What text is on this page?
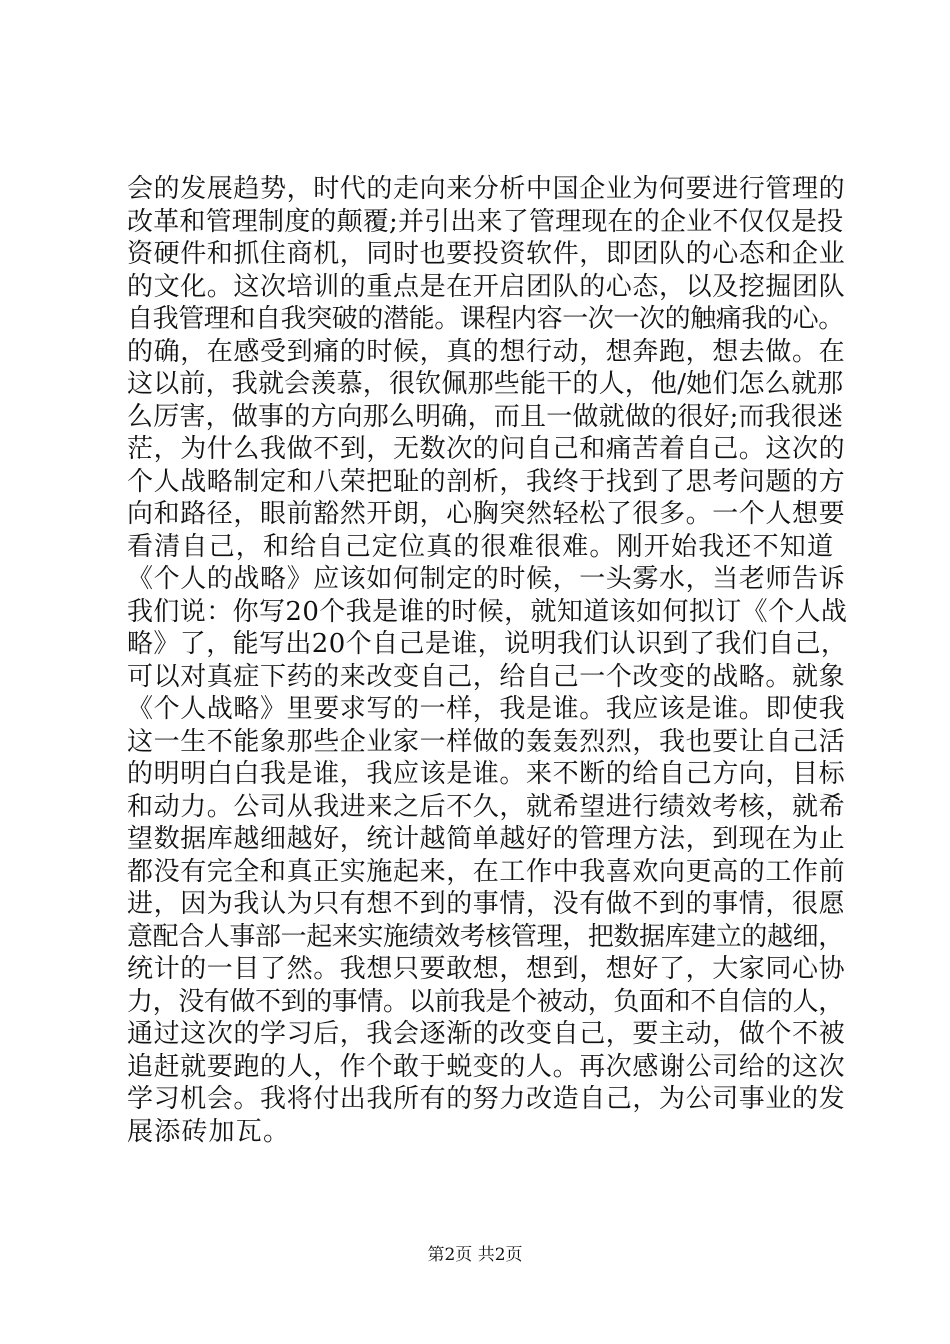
会的发展趋势，时代的走向来分析中国企业为何要进行管理的
改革和管理制度的颠覆;并引出来了管理现在的企业不仅仅是投
资硬件和抓住商机，同时也要投资软件，即团队的心态和企业
的文化。这次培训的重点是在开启团队的心态，以及挖掘团队
自我管理和自我突破的潜能。课程内容一次一次的触痛我的心。
的确，在感受到痛的时候，真的想行动，想奔跑，想去做。在
这以前，我就会羡慕，很钦佩那些能干的人，他/她们怎么就那
么厉害，做事的方向那么明确，而且一做就做的很好;而我很迷
茫，为什么我做不到，无数次的问自己和痛苦着自己。这次的
个人战略制定和八荣把耻的剖析，我终于找到了思考问题的方
向和路径，眼前豁然开朗，心胸突然轻松了很多。一个人想要
看清自己，和给自己定位真的很难很难。刚开始我还不知道
《个人的战略》应该如何制定的时候，一头雾水，当老师告诉
我们说：你写20个我是谁的时候，就知道该如何拟订《个人战
略》了，能写出20个自己是谁，说明我们认识到了我们自己，
可以对真症下药的来改变自己，给自己一个改变的战略。就象
《个人战略》里要求写的一样，我是谁。我应该是谁。即使我
这一生不能象那些企业家一样做的轰轰烈烈，我也要让自己活
的明明白白我是谁，我应该是谁。来不断的给自己方向，目标
和动力。公司从我进来之后不久，就希望进行绩效考核，就希
望数据库越细越好，统计越简单越好的管理方法，到现在为止
都没有完全和真正实施起来，在工作中我喜欢向更高的工作前
进，因为我认为只有想不到的事情，没有做不到的事情，很愿
意配合人事部一起来实施绩效考核管理，把数据库建立的越细，
统计的一目了然。我想只要敢想，想到，想好了，大家同心协
力，没有做不到的事情。以前我是个被动，负面和不自信的人，
通过这次的学习后，我会逐渐的改变自己，要主动，做个不被
追赶就要跑的人，作个敢于蜕变的人。再次感谢公司给的这次
学习机会。我将付出我所有的努力改造自己，为公司事业的发
展添砖加瓦。
第2页 共2页
